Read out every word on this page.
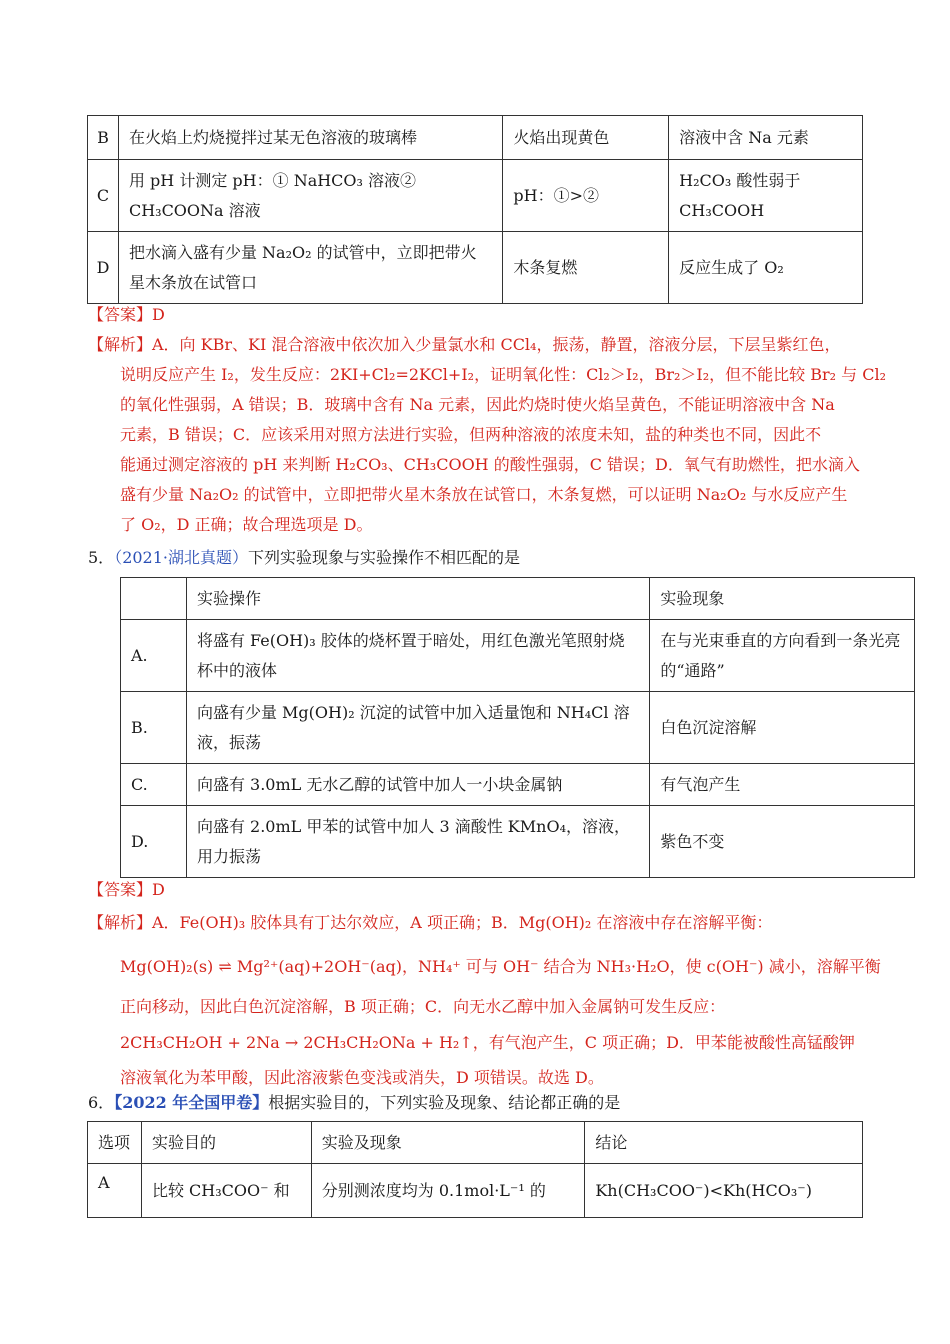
B	在火焰上灼烧搅拌过某无色溶液的玻璃棒	火焰出现黄色	溶液中含 Na 元素
C	用 pH 计测定 pH：① NaHCO₃ 溶液② CH₃COONa 溶液	pH：①>②	H₂CO₃ 酸性弱于 CH₃COOH
D	把水滴入盛有少量 Na₂O₂ 的试管中，立即把带火星木条放在试管口	木条复燃	反应生成了 O₂
【答案】D
【解析】A．向 KBr、KI 混合溶液中依次加入少量氯水和 CCl₄，振荡，静置，溶液分层，下层呈紫红色，
说明反应产生 I₂，发生反应：2KI+Cl₂=2KCl+I₂，证明氧化性：Cl₂＞I₂，Br₂＞I₂，但不能比较 Br₂ 与 Cl₂
的氧化性强弱，A 错误；B．玻璃中含有 Na 元素，因此灼烧时使火焰呈黄色，不能证明溶液中含 Na
元素，B 错误；C．应该采用对照方法进行实验，但两种溶液的浓度未知，盐的种类也不同，因此不
能通过测定溶液的 pH 来判断 H₂CO₃、CH₃COOH 的酸性强弱，C 错误；D．氧气有助燃性，把水滴入
盛有少量 Na₂O₂ 的试管中，立即把带火星木条放在试管口，木条复燃，可以证明 Na₂O₂ 与水反应产生
了 O₂，D 正确；故合理选项是 D。
5．（2021·湖北真题）下列实验现象与实验操作不相匹配的是
	实验操作	实验现象
A.	将盛有 Fe(OH)₃ 胶体的烧杯置于暗处，用红色激光笔照射烧杯中的液体	在与光束垂直的方向看到一条光亮的“通路”
B.	向盛有少量 Mg(OH)₂ 沉淀的试管中加入适量饱和 NH₄Cl 溶液，振荡	白色沉淀溶解
C.	向盛有 3.0mL 无水乙醇的试管中加人一小块金属钠	有气泡产生
D.	向盛有 2.0mL 甲苯的试管中加人 3 滴酸性 KMnO₄，溶液，用力振荡	紫色不变
【答案】D
【解析】A．Fe(OH)₃ 胶体具有丁达尔效应，A 项正确；B．Mg(OH)₂ 在溶液中存在溶解平衡：
Mg(OH)₂(s) ⇌ Mg²⁺(aq)+2OH⁻(aq)，NH₄⁺ 可与 OH⁻ 结合为 NH₃·H₂O，使 c(OH⁻) 减小，溶解平衡
正向移动，因此白色沉淀溶解，B 项正确；C．向无水乙醇中加入金属钠可发生反应：
2CH₃CH₂OH + 2Na → 2CH₃CH₂ONa + H₂↑，有气泡产生，C 项正确；D．甲苯能被酸性高锰酸钾
溶液氧化为苯甲酸，因此溶液紫色变浅或消失，D 项错误。故选 D。
6．【2022 年全国甲卷】根据实验目的，下列实验及现象、结论都正确的是
选项	实验目的	实验及现象	结论
A	比较 CH₃COO⁻ 和	分别测浓度均为 0.1mol·L⁻¹ 的	Kh(CH₃COO⁻)<Kh(HCO₃⁻)
